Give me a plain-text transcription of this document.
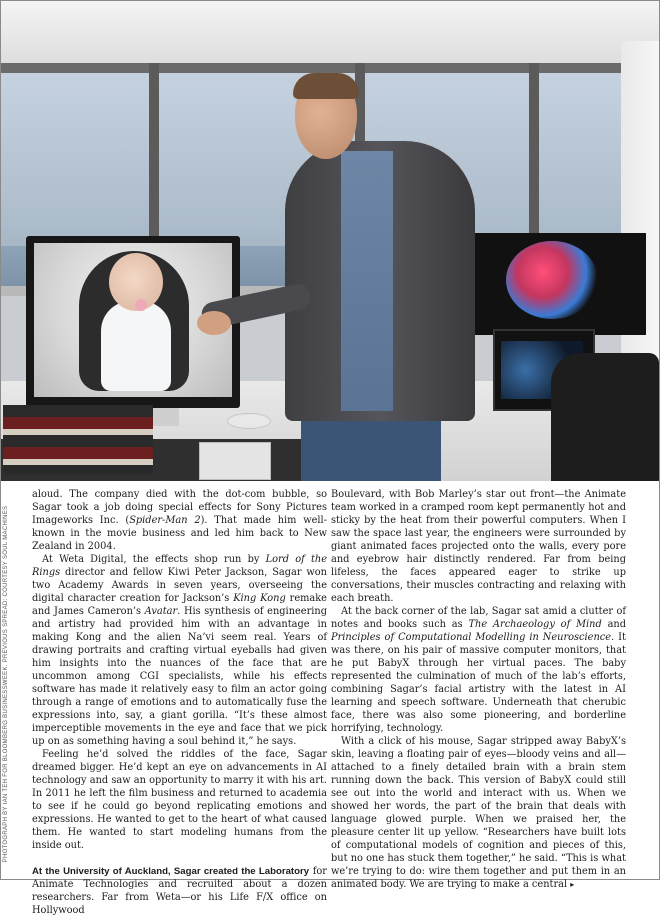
PHOTOGRAPH BY IAN TEH FOR BLOOMBERG BUSINESSWEEK. PREVIOUS SPREAD: COURTESY SOUL MACHINES

aloud. The company died with the dot-com bubble, so Sagar took a job doing special effects for Sony Pictures Imageworks Inc. (Spider-Man 2). That made him well-known in the movie business and led him back to New Zealand in 2004.

At Weta Digital, the effects shop run by Lord of the Rings director and fellow Kiwi Peter Jackson, Sagar won two Academy Awards in seven years, overseeing the digital character creation for Jackson’s King Kong remake and James Cameron’s Avatar. His synthesis of engineering and artistry had provided him with an advantage in making Kong and the alien Na’vi seem real. Years of drawing portraits and crafting virtual eyeballs had given him insights into the nuances of the face that are uncommon among CGI specialists, while his effects software has made it relatively easy to film an actor going through a range of emotions and to automatically fuse the expressions into, say, a giant gorilla. “It’s these almost imperceptible movements in the eye and face that we pick up on as something having a soul behind it,” he says.

Feeling he’d solved the riddles of the face, Sagar dreamed bigger. He’d kept an eye on advancements in AI technology and saw an opportunity to marry it with his art. In 2011 he left the film business and returned to academia to see if he could go beyond replicating emotions and expressions. He wanted to get to the heart of what caused them. He wanted to start modeling humans from the inside out.

At the University of Auckland, Sagar created the Laboratory for Animate Technologies and recruited about a dozen researchers. Far from Weta—or his Life F/X office on Hollywood

Boulevard, with Bob Marley’s star out front—the Animate team worked in a cramped room kept permanently hot and sticky by the heat from their powerful computers. When I saw the space last year, the engineers were surrounded by giant animated faces projected onto the walls, every pore and eyebrow hair distinctly rendered. Far from being lifeless, the faces appeared eager to strike up conversations, their muscles contracting and relaxing with each breath.

At the back corner of the lab, Sagar sat amid a clutter of notes and books such as The Archaeology of Mind and Principles of Computational Modelling in Neuroscience. It was there, on his pair of massive computer monitors, that he put BabyX through her virtual paces. The baby represented the culmination of much of the lab’s efforts, combining Sagar’s facial artistry with the latest in AI learning and speech software. Underneath that cherubic face, there was also some pioneering, and borderline horrifying, technology.

With a click of his mouse, Sagar stripped away BabyX’s skin, leaving a floating pair of eyes—bloody veins and all—attached to a finely detailed brain with a brain stem running down the back. This version of BabyX could still see out into the world and interact with us. When we showed her words, the part of the brain that deals with language glowed purple. When we praised her, the pleasure center lit up yellow. “Researchers have built lots of computational models of cognition and pieces of this, but no one has stuck them together,” he said. “This is what we’re trying to do: wire them together and put them in an animated body. We are trying to make a central ▸
